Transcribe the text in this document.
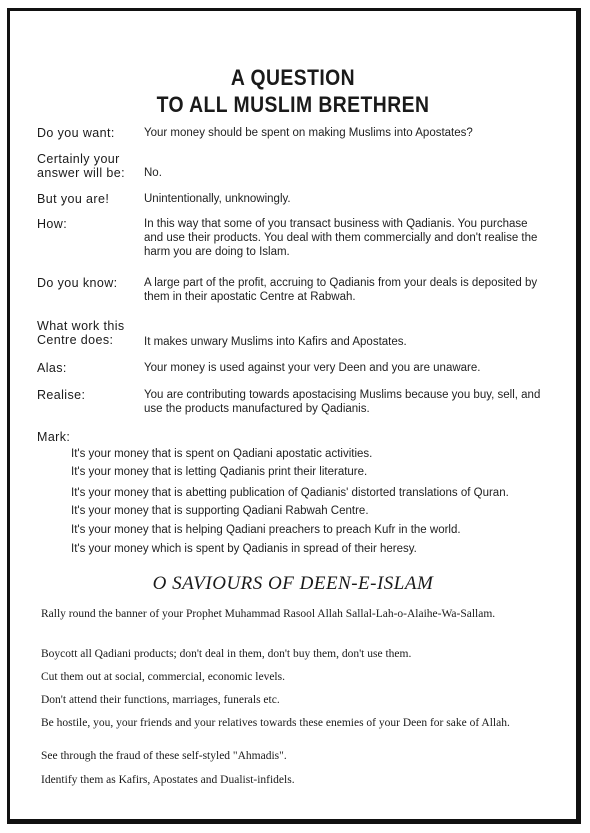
A QUESTION
TO ALL MUSLIM BRETHREN
Do you want:	Your money should be spent on making Muslims into Apostates?
Certainly your answer will be:	No.
But you are!	Unintentionally, unknowingly.
How:	In this way that some of you transact business with Qadianis. You purchase and use their products. You deal with them commercially and don't realise the harm you are doing to Islam.
Do you know:	A large part of the profit, accruing to Qadianis from your deals is deposited by them in their apostatic Centre at Rabwah.
What work this Centre does:	It makes unwary Muslims into Kafirs and Apostates.
Alas:	Your money is used against your very Deen and you are unaware.
Realise:	You are contributing towards apostacising Muslims because you buy, sell, and use the products manufactured by Qadianis.
Mark:
It's your money that is spent on Qadiani apostatic activities.
It's your money that is letting Qadianis print their literature.
It's your money that is abetting publication of Qadianis' distorted translations of Quran.
It's your money that is supporting Qadiani Rabwah Centre.
It's your money that is helping Qadiani preachers to preach Kufr in the world.
It's your money which is spent by Qadianis in spread of their heresy.
O SAVIOURS OF DEEN-E-ISLAM
Rally round the banner of your Prophet Muhammad Rasool Allah Sallal-Lah-o-Alaihe-Wa-Sallam.
Boycott all Qadiani products; don't deal in them, don't buy them, don't use them.
Cut them out at social, commercial, economic levels.
Don't attend their functions, marriages, funerals etc.
Be hostile, you, your friends and your relatives towards these enemies of your Deen for sake of Allah.
See through the fraud of these self-styled "Ahmadis".
Identify them as Kafirs, Apostates and Dualist-infidels.
